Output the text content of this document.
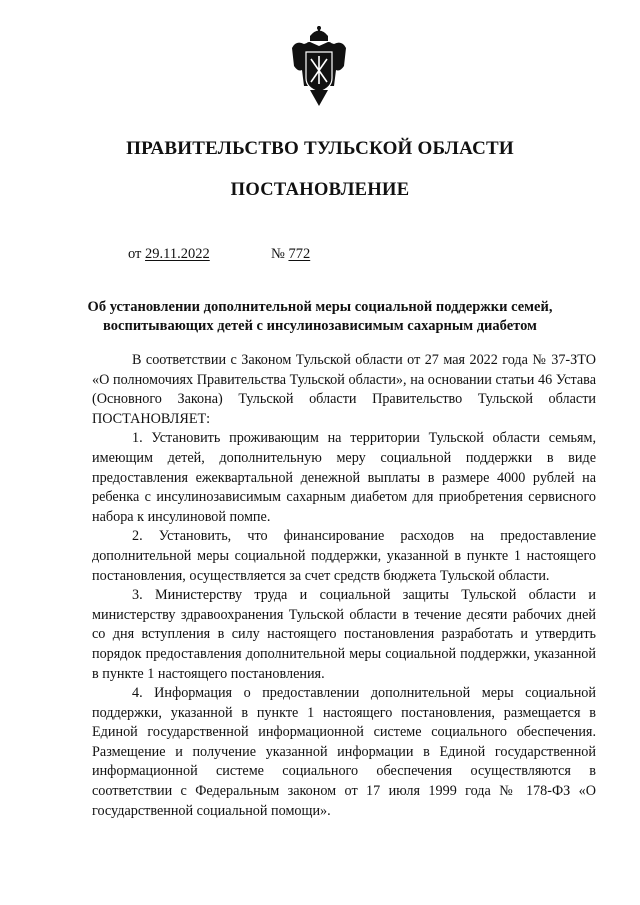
ПРАВИТЕЛЬСТВО ТУЛЬСКОЙ ОБЛАСТИ
ПОСТАНОВЛЕНИЕ
от 29.11.2022	№ 772
Об установлении дополнительной меры социальной поддержки семей,
воспитывающих детей с инсулинозависимым сахарным диабетом

В соответствии с Законом Тульской области от 27 мая 2022 года № 37-ЗТО «О полномочиях Правительства Тульской области», на основании статьи 46 Устава (Основного Закона) Тульской области Правительство Тульской области ПОСТАНОВЛЯЕТ:

1. Установить проживающим на территории Тульской области семьям, имеющим детей, дополнительную меру социальной поддержки в виде предоставления ежеквартальной денежной выплаты в размере 4000 рублей на ребенка с инсулинозависимым сахарным диабетом для приобретения сервисного набора к инсулиновой помпе.

2. Установить, что финансирование расходов на предоставление дополнительной меры социальной поддержки, указанной в пункте 1 настоящего постановления, осуществляется за счет средств бюджета Тульской области.

3. Министерству труда и социальной защиты Тульской области и министерству здравоохранения Тульской области в течение десяти рабочих дней со дня вступления в силу настоящего постановления разработать и утвердить порядок предоставления дополнительной меры социальной поддержки, указанной в пункте 1 настоящего постановления.

4. Информация о предоставлении дополнительной меры социальной поддержки, указанной в пункте 1 настоящего постановления, размещается в Единой государственной информационной системе социального обеспечения. Размещение и получение указанной информации в Единой государственной информационной системе социального обеспечения осуществляются в соответствии с Федеральным законом от 17 июля 1999 года № 178-ФЗ «О государственной социальной помощи».
